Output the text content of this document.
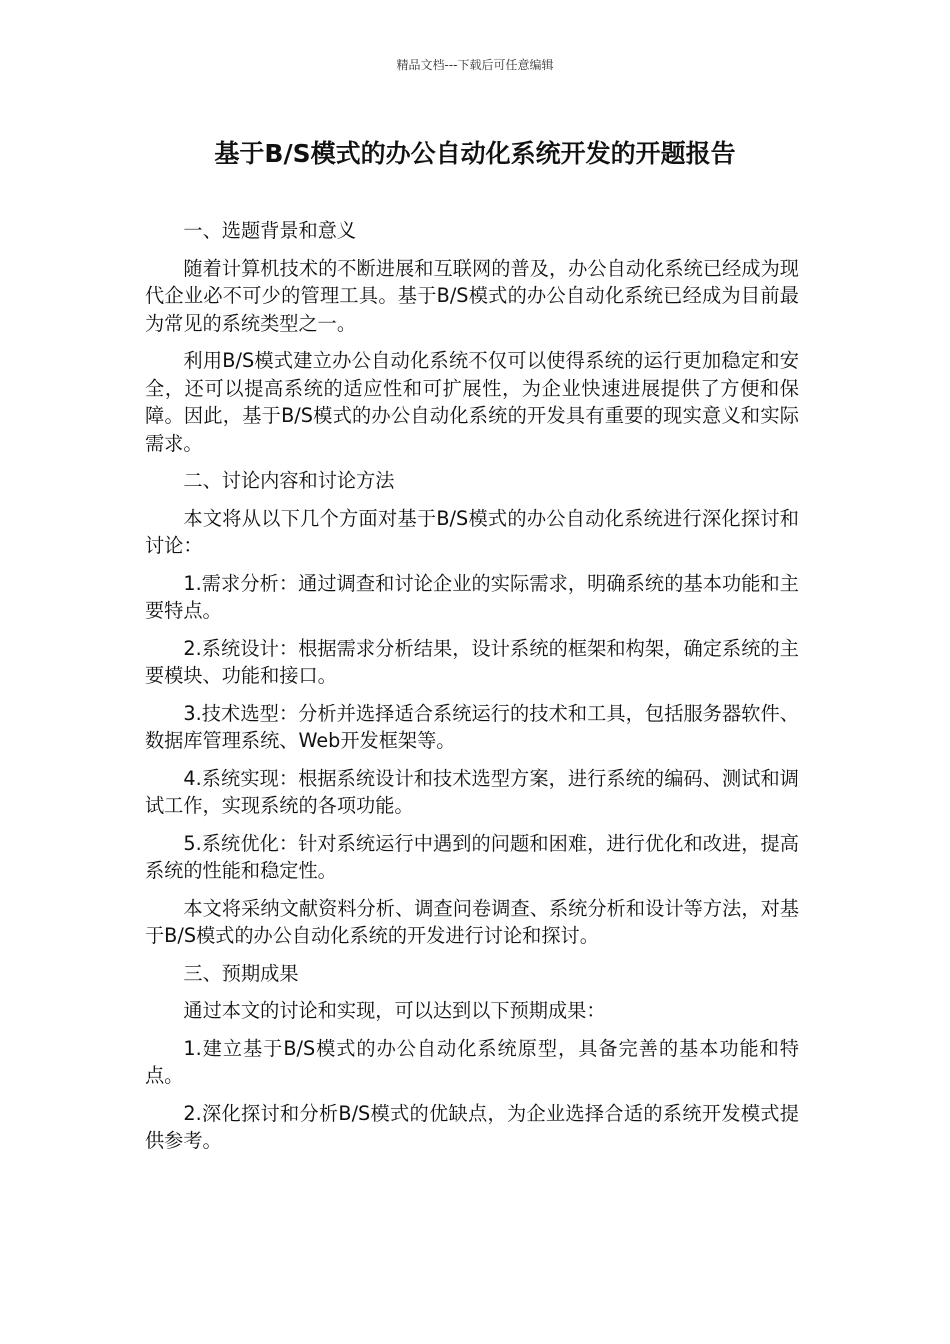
精品文档---下载后可任意编辑
基于B/S模式的办公自动化系统开发的开题报告

一、选题背景和意义

随着计算机技术的不断进展和互联网的普及，办公自动化系统已经成为现代企业必不可少的管理工具。基于B/S模式的办公自动化系统已经成为目前最为常见的系统类型之一。

利用B/S模式建立办公自动化系统不仅可以使得系统的运行更加稳定和安全，还可以提高系统的适应性和可扩展性，为企业快速进展提供了方便和保障。因此，基于B/S模式的办公自动化系统的开发具有重要的现实意义和实际需求。

二、讨论内容和讨论方法

本文将从以下几个方面对基于B/S模式的办公自动化系统进行深化探讨和讨论：

1.需求分析：通过调查和讨论企业的实际需求，明确系统的基本功能和主要特点。

2.系统设计：根据需求分析结果，设计系统的框架和构架，确定系统的主要模块、功能和接口。

3.技术选型：分析并选择适合系统运行的技术和工具，包括服务器软件、数据库管理系统、Web开发框架等。

4.系统实现：根据系统设计和技术选型方案，进行系统的编码、测试和调试工作，实现系统的各项功能。

5.系统优化：针对系统运行中遇到的问题和困难，进行优化和改进，提高系统的性能和稳定性。

本文将采纳文献资料分析、调查问卷调查、系统分析和设计等方法，对基于B/S模式的办公自动化系统的开发进行讨论和探讨。

三、预期成果

通过本文的讨论和实现，可以达到以下预期成果：

1.建立基于B/S模式的办公自动化系统原型，具备完善的基本功能和特点。

2.深化探讨和分析B/S模式的优缺点，为企业选择合适的系统开发模式提供参考。
